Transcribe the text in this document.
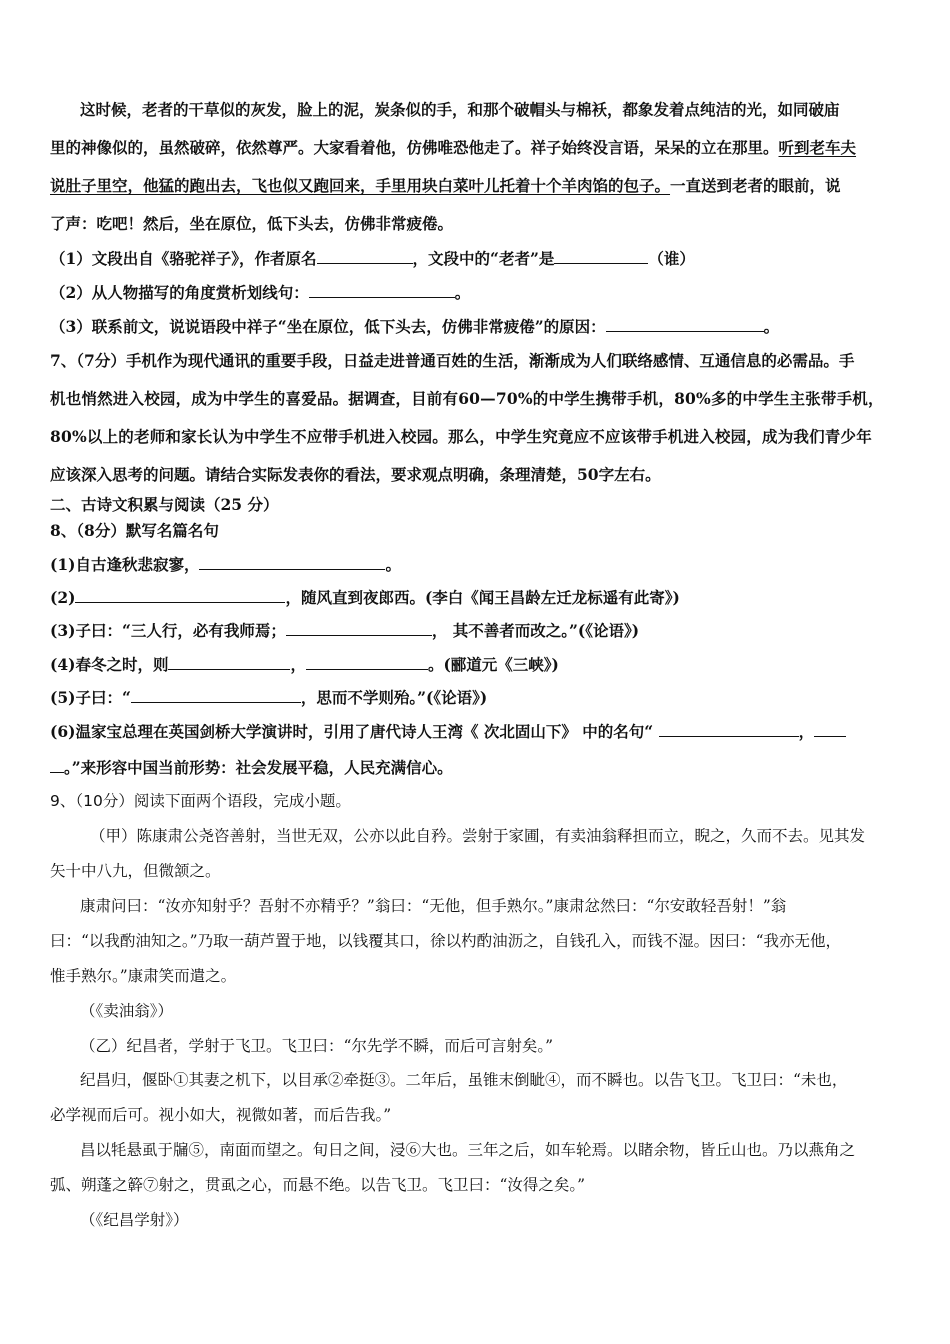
这时候，老者的干草似的灰发，脸上的泥，炭条似的手，和那个破帽头与棉袄，都象发着点纯洁的光，如同破庙
里的神像似的，虽然破碎，依然尊严。大家看着他，仿佛唯恐他走了。祥子始终没言语，呆呆的立在那里。听到老车夫
说肚子里空，他猛的跑出去，飞也似又跑回来，手里用块白菜叶儿托着十个羊肉馅的包子。一直送到老者的眼前，说
了声：吃吧！然后，坐在原位，低下头去，仿佛非常疲倦。
（1）文段出自《骆驼祥子》，作者原名	，文段中的“老者”是	（谁）
（2）从人物描写的角度赏析划线句：	。
（3）联系前文，说说语段中祥子“坐在原位，低下头去，仿佛非常疲倦”的原因：	。
7、（7分）手机作为现代通讯的重要手段，日益走进普通百姓的生活，渐渐成为人们联络感情、互通信息的必需品。手
机也悄然进入校园，成为中学生的喜爱品。据调查，目前有60—70%的中学生携带手机，80%多的中学生主张带手机，
80%以上的老师和家长认为中学生不应带手机进入校园。那么，中学生究竟应不应该带手机进入校园，成为我们青少年
应该深入思考的问题。请结合实际发表你的看法，要求观点明确，条理清楚，50字左右。
二、古诗文积累与阅读（25 分）
8、（8分）默写名篇名句
(1)自古逢秋悲寂寥，	。
(2)	，随风直到夜郎西。(李白《闻王昌龄左迁龙标遥有此寄》)
(3)子曰：“三人行，必有我师焉；	， 其不善者而改之。”(《论语》)
(4)春冬之时，则	，	。(郦道元《三峡》)
(5)子曰：“	，思而不学则殆。”(《论语》)
(6)温家宝总理在英国剑桥大学演讲时，引用了唐代诗人王湾《 次北固山下》 中的名句“	，
。”来形容中国当前形势：社会发展平稳，人民充满信心。
9、（10分）阅读下面两个语段，完成小题。
（甲）陈康肃公尧咨善射，当世无双，公亦以此自矜。尝射于家圃，有卖油翁释担而立，睨之，久而不去。见其发
矢十中八九，但微颔之。
康肃问曰：“汝亦知射乎？吾射不亦精乎？”翁曰：“无他，但手熟尔。”康肃忿然曰：“尔安敢轻吾射！”翁
曰：“以我酌油知之。”乃取一葫芦置于地，以钱覆其口，徐以杓酌油沥之，自钱孔入，而钱不湿。因曰：“我亦无他，
惟手熟尔。”康肃笑而遣之。
（《卖油翁》）
（乙）纪昌者，学射于飞卫。飞卫曰：“尔先学不瞬，而后可言射矣。”
纪昌归，偃卧①其妻之机下，以目承②牵挺③。二年后，虽锥末倒眦④，而不瞬也。以告飞卫。飞卫曰：“未也，
必学视而后可。视小如大，视微如著，而后告我。”
昌以牦悬虱于牖⑤，南面而望之。旬日之间，浸⑥大也。三年之后，如车轮焉。以睹余物，皆丘山也。乃以燕角之
弧、朔蓬之簳⑦射之，贯虱之心，而悬不绝。以告飞卫。飞卫曰：“汝得之矣。”
（《纪昌学射》）
